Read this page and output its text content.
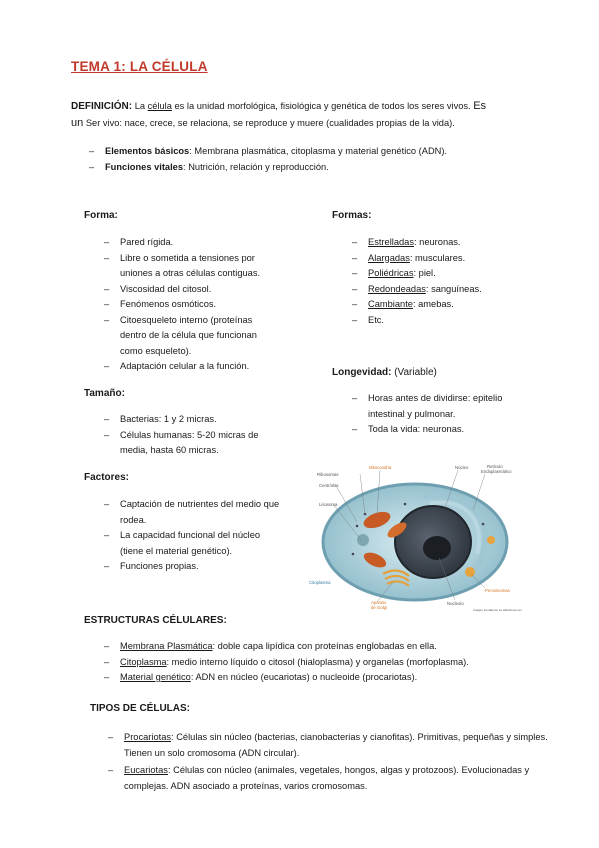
TEMA 1: LA CÉLULA
DEFINICIÓN: La célula es la unidad morfológica, fisiológica y genética de todos los seres vivos. Es
un Ser vivo: nace, crece, se relaciona, se reproduce y muere (cualidades propias de la vida).
– Elementos básicos: Membrana plasmática, citoplasma y material genético (ADN).
– Funciones vitales: Nutrición, relación y reproducción.
Forma:
– Pared rígida.
– Libre o sometida a tensiones por uniones a otras células contiguas.
– Viscosidad del citosol.
– Fenómenos osmóticos.
– Citoesqueleto interno (proteínas dentro de la célula que funcionan como esqueleto).
– Adaptación celular a la función.
Tamaño:
– Bacterias: 1 y 2 micras.
– Células humanas: 5-20 micras de media, hasta 60 micras.
Factores:
– Captación de nutrientes del medio que rodea.
– La capacidad funcional del núcleo (tiene el material genético).
– Funciones propias.
Formas:
– Estrelladas: neuronas.
– Alargadas: musculares.
– Poliédricas: piel.
– Redondeadas: sanguíneas.
– Cambiante: amebas.
– Etc.
Longevidad: (Variable)
– Horas antes de dividirse: epitelio intestinal y pulmonar.
– Toda la vida: neuronas.
Mitocondria	Núcleo	Retículo
Endoplasmático
Ribosomas
Centríolos
Lisosoma
Citoplasma
Aparato
de Golgi
Nucleolo
Peroxisomas
Imagen tomada de es.slideshare.net
ESTRUCTURAS CÉLULARES:
– Membrana Plasmática: doble capa lipídica con proteínas englobadas en ella.
– Citoplasma: medio interno líquido o citosol (hialoplasma) y organelas (morfoplasma).
– Material genético: ADN en núcleo (eucariotas) o nucleoide (procariotas).
TIPOS DE CÉLULAS:
– Procariotas: Células sin núcleo (bacterias, cianobacterias y cianofitas). Primitivas, pequeñas y simples. Tienen un solo cromosoma (ADN circular).
– Eucariotas: Células con núcleo (animales, vegetales, hongos, algas y protozoos). Evolucionadas y complejas. ADN asociado a proteínas, varios cromosomas.
